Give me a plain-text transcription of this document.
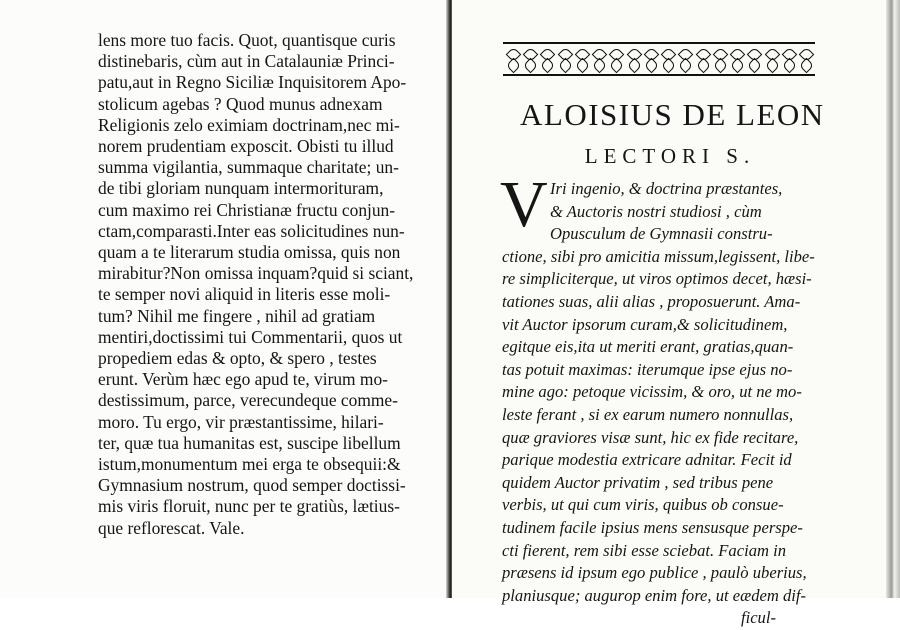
lens more tuo facis. Quot, quantisque curis
distinebaris, cùm aut in Catalauniæ Princi-
patu,aut in Regno Siciliæ Inquisitorem Apo-
stolicum agebas ? Quod munus adnexam
Religionis zelo eximiam doctrinam,nec mi-
norem prudentiam exposcit. Obisti tu illud
summa vigilantia, summaque charitate; un-
de tibi gloriam nunquam intermorituram,
cum maximo rei Christianæ fructu conjun-
ctam,comparasti.Inter eas solicitudines nun-
quam a te literarum studia omissa, quis non
mirabitur?Non omissa inquam?quid si sciant,
te semper novi aliquid in literis esse moli-
tum? Nihil me fingere , nihil ad gratiam
mentiri,doctissimi tui Commentarii, quos ut
propediem edas & opto, & spero , testes
erunt. Verùm hæc ego apud te, virum mo-
destissimum, parce, verecundeque comme-
moro. Tu ergo, vir præstantissime, hilari-
ter, quæ tua humanitas est, suscipe libellum
istum,monumentum mei erga te obsequii:&
Gymnasium nostrum, quod semper doctissi-
mis viris floruit, nunc per te gratiùs, lætius-
que reflorescat. Vale.
ALOISIUS DE LEON
LECTORI S.
V Iri ingenio, & doctrina præstantes,
& Auctoris nostri studiosi , cùm
Opusculum de Gymnasii constru-
ctione, sibi pro amicitia missum,legissent, libe-
re simpliciterque, ut viros optimos decet, hæsi-
tationes suas, alii alias , proposuerunt. Ama-
vit Auctor ipsorum curam,& solicitudinem,
egitque eis,ita ut meriti erant, gratias,quan-
tas potuit maximas: iterumque ipse ejus no-
mine ago: petoque vicissim, & oro, ut ne mo-
leste ferant , si ex earum numero nonnullas,
quæ graviores visæ sunt, hic ex fide recitare,
parique modestia extricare adnitar. Fecit id
quidem Auctor privatim , sed tribus pene
verbis, ut qui cum viris, quibus ob consue-
tudinem facile ipsius mens sensusque perspe-
cti fierent, rem sibi esse sciebat. Faciam in
præsens id ipsum ego publice , paulò uberius,
planiusque; augurор enim fore, ut eædem dif-
ficul-
